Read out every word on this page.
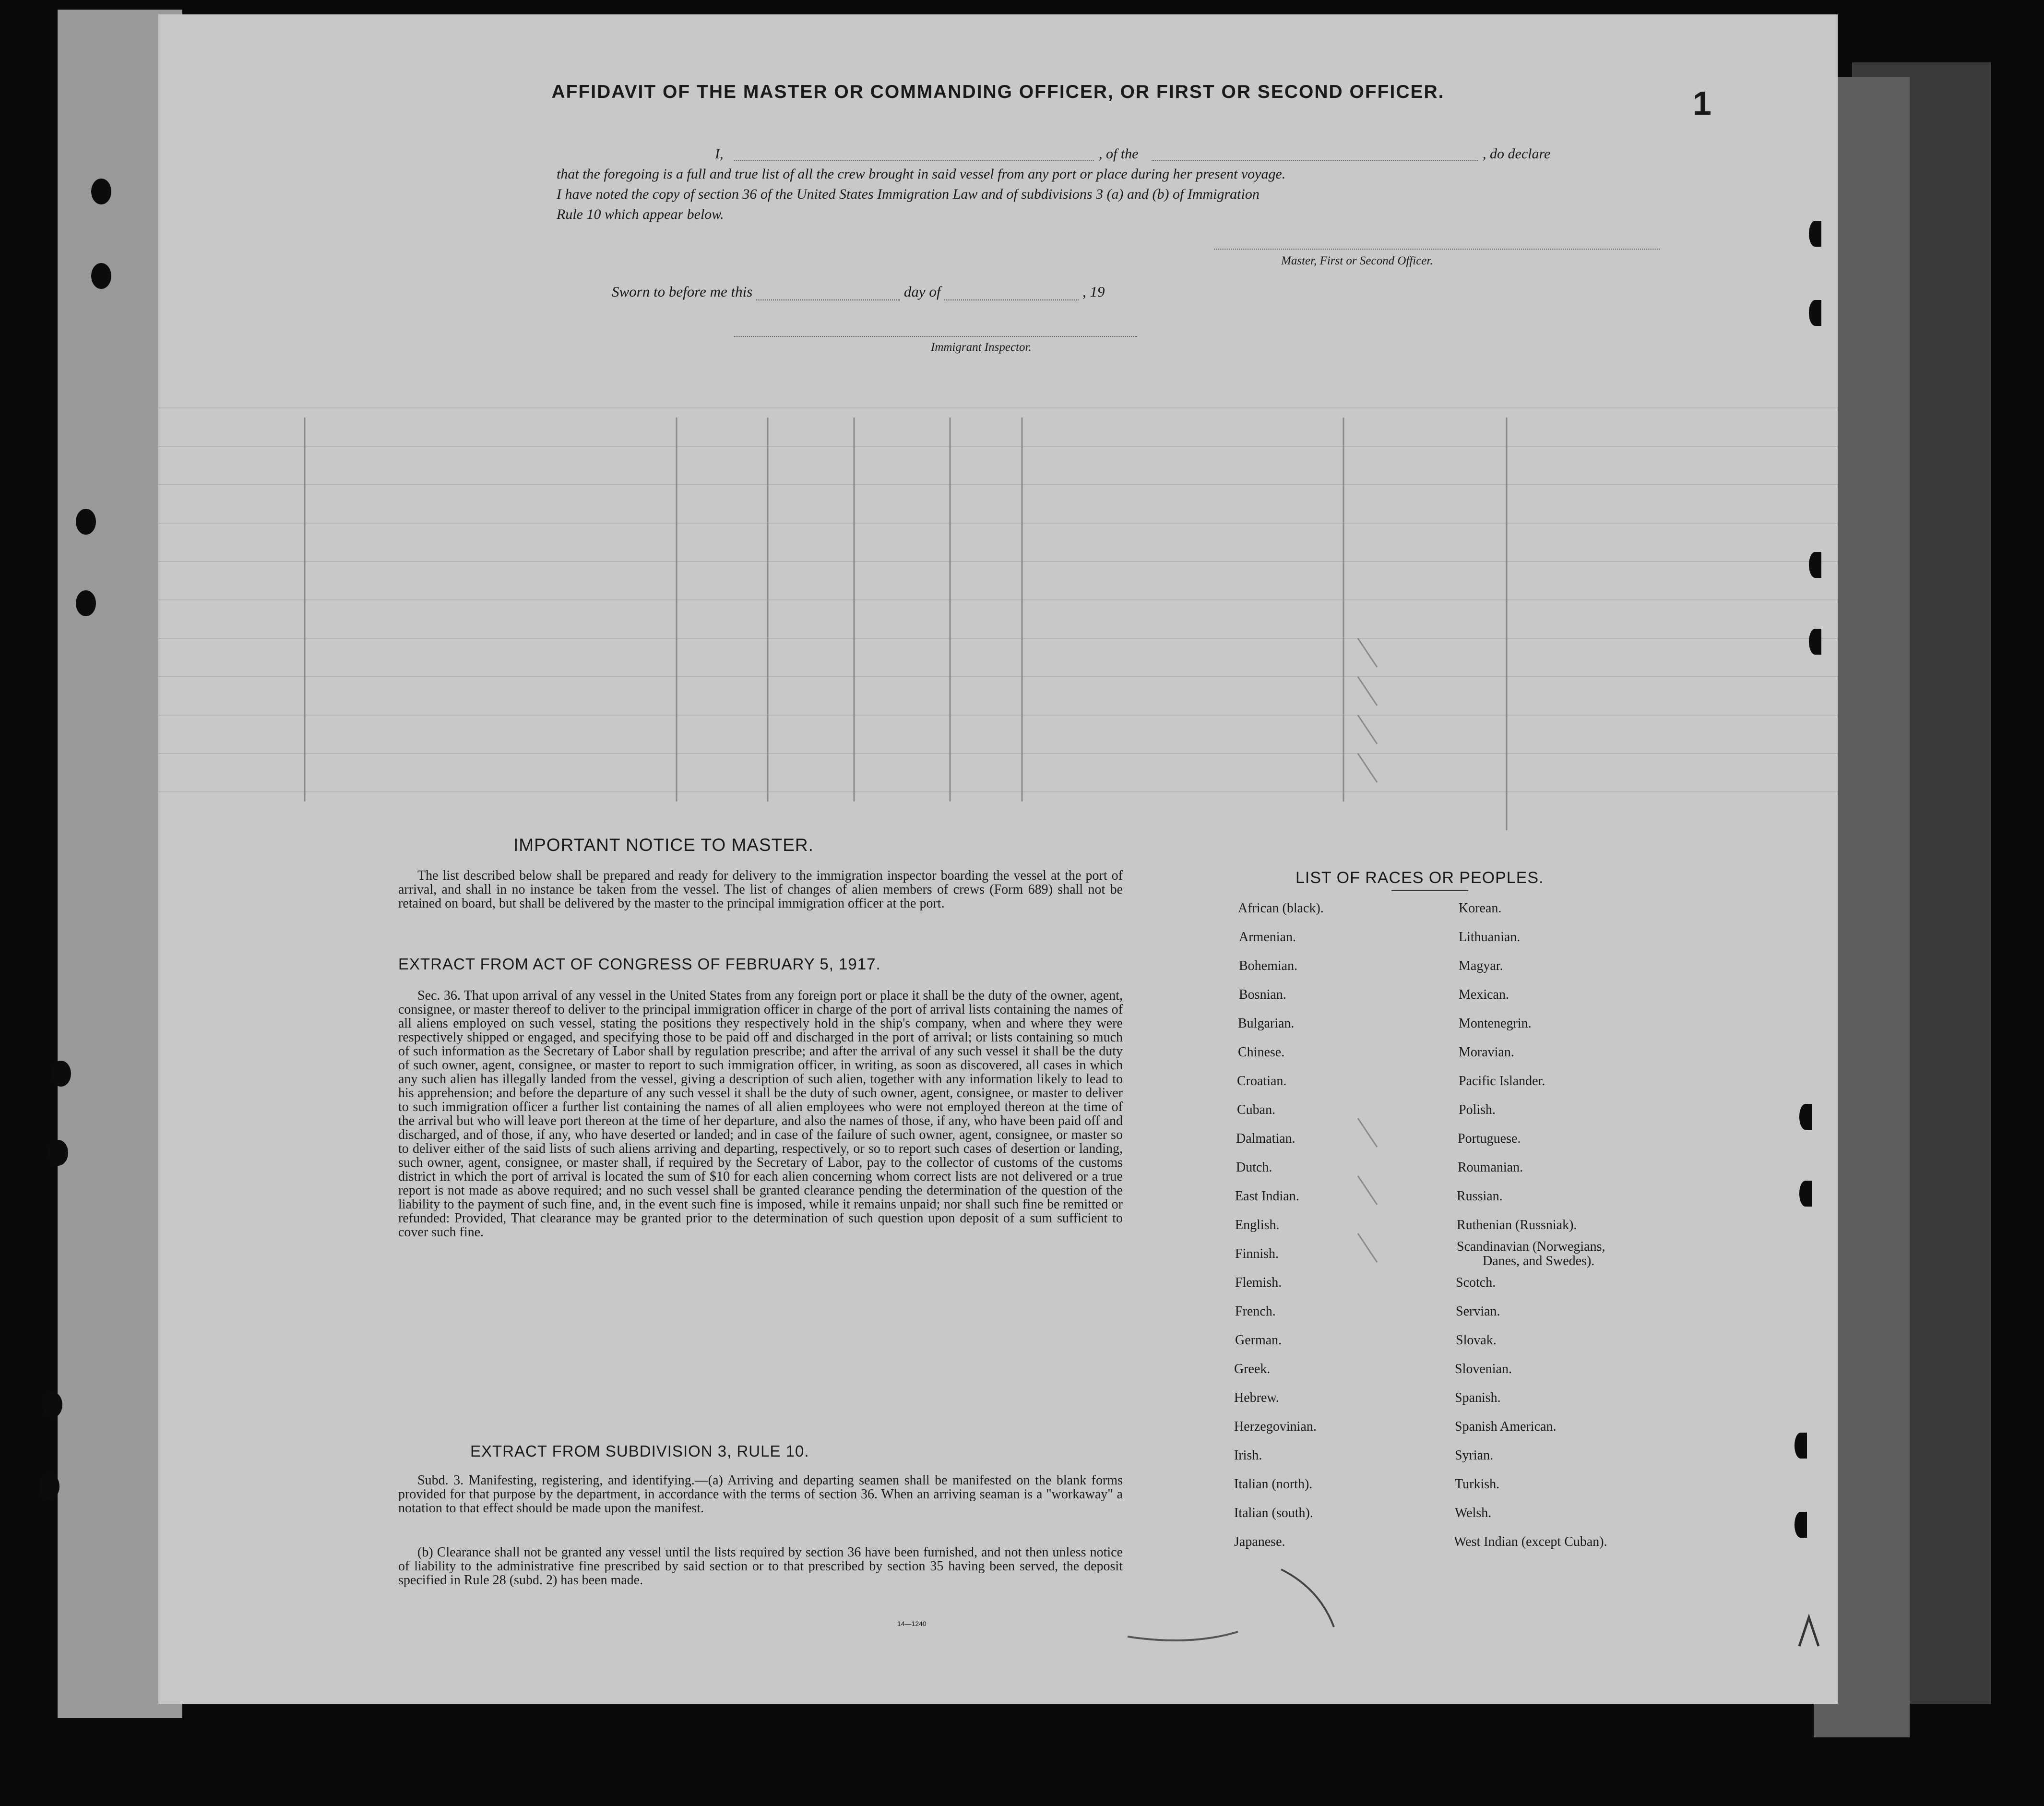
AFFIDAVIT OF THE MASTER OR COMMANDING OFFICER, OR FIRST OR SECOND OFFICER.	1
I,	, of the	, do declare
that the foregoing is a full and true list of all the crew brought in said vessel from any port or place during her present voyage.
I have noted the copy of section 36 of the United States Immigration Law and of subdivisions 3 (a) and (b) of Immigration
Rule 10 which appear below.
Master, First or Second Officer.
Sworn to before me this	day of	, 19
Immigrant Inspector.
IMPORTANT NOTICE TO MASTER.
The list described below shall be prepared and ready for delivery to the immigration inspector boarding the vessel at the port of arrival, and shall in no instance be taken from the vessel. The list of changes of alien members of crews (Form 689) shall not be retained on board, but shall be delivered by the master to the principal immigration officer at the port.
EXTRACT FROM ACT OF CONGRESS OF FEBRUARY 5, 1917.
Sec. 36. That upon arrival of any vessel in the United States from any foreign port or place it shall be the duty of the owner, agent, consignee, or master thereof to deliver to the principal immigration officer in charge of the port of arrival lists containing the names of all aliens employed on such vessel, stating the positions they respectively hold in the ship's company, when and where they were respectively shipped or engaged, and specifying those to be paid off and discharged in the port of arrival; or lists containing so much of such information as the Secretary of Labor shall by regulation prescribe; and after the arrival of any such vessel it shall be the duty of such owner, agent, consignee, or master to report to such immigration officer, in writing, as soon as discovered, all cases in which any such alien has illegally landed from the vessel, giving a description of such alien, together with any information likely to lead to his apprehension; and before the departure of any such vessel it shall be the duty of such owner, agent, consignee, or master to deliver to such immigration officer a further list containing the names of all alien employees who were not employed thereon at the time of the arrival but who will leave port thereon at the time of her departure, and also the names of those, if any, who have been paid off and discharged, and of those, if any, who have deserted or landed; and in case of the failure of such owner, agent, consignee, or master so to deliver either of the said lists of such aliens arriving and departing, respectively, or so to report such cases of desertion or landing, such owner, agent, consignee, or master shall, if required by the Secretary of Labor, pay to the collector of customs of the customs district in which the port of arrival is located the sum of $10 for each alien concerning whom correct lists are not delivered or a true report is not made as above required; and no such vessel shall be granted clearance pending the determination of the question of the liability to the payment of such fine, and, in the event such fine is imposed, while it remains unpaid; nor shall such fine be remitted or refunded: Provided, That clearance may be granted prior to the determination of such question upon deposit of a sum sufficient to cover such fine.
EXTRACT FROM SUBDIVISION 3, RULE 10.
Subd. 3. Manifesting, registering, and identifying.—(a) Arriving and departing seamen shall be manifested on the blank forms provided for that purpose by the department, in accordance with the terms of section 36. When an arriving seaman is a "workaway" a notation to that effect should be made upon the manifest.
(b) Clearance shall not be granted any vessel until the lists required by section 36 have been furnished, and not then unless notice of liability to the administrative fine prescribed by said section or to that prescribed by section 35 having been served, the deposit specified in Rule 28 (subd. 2) has been made.
14—1240
LIST OF RACES OR PEOPLES.
African (black).
Armenian.
Bohemian.
Bosnian.
Bulgarian.
Chinese.
Croatian.
Cuban.
Dalmatian.
Dutch.
East Indian.
English.
Finnish.
Flemish.
French.
German.
Greek.
Hebrew.
Herzegovinian.
Irish.
Italian (north).
Italian (south).
Japanese.
Korean.
Lithuanian.
Magyar.
Mexican.
Montenegrin.
Moravian.
Pacific Islander.
Polish.
Portuguese.
Roumanian.
Russian.
Ruthenian (Russniak).
Scandinavian (Norwegians,
Danes, and Swedes).
Scotch.
Servian.
Slovak.
Slovenian.
Spanish.
Spanish American.
Syrian.
Turkish.
Welsh.
West Indian (except Cuban).
